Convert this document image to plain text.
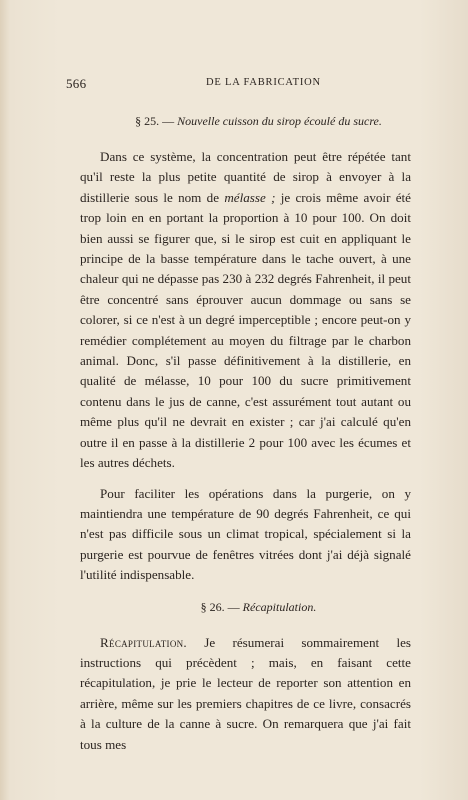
566	DE LA FABRICATION
§ 25. — Nouvelle cuisson du sirop écoulé du sucre.

Dans ce système, la concentration peut être répétée tant qu'il reste la plus petite quantité de sirop à envoyer à la distillerie sous le nom de mélasse ; je crois même avoir été trop loin en en portant la proportion à 10 pour 100. On doit bien aussi se figurer que, si le sirop est cuit en appliquant le principe de la basse température dans le tache ouvert, à une chaleur qui ne dépasse pas 230 à 232 degrés Fahrenheit, il peut être concentré sans éprouver aucun dommage ou sans se colorer, si ce n'est à un degré imperceptible ; encore peut-on y remédier complétement au moyen du filtrage par le charbon animal. Donc, s'il passe définitivement à la distillerie, en qualité de mélasse, 10 pour 100 du sucre primitivement contenu dans le jus de canne, c'est assurément tout autant ou même plus qu'il ne devrait en exister ; car j'ai calculé qu'en outre il en passe à la distillerie 2 pour 100 avec les écumes et les autres déchets.

Pour faciliter les opérations dans la purgerie, on y maintiendra une température de 90 degrés Fahrenheit, ce qui n'est pas difficile sous un climat tropical, spécialement si la purgerie est pourvue de fenêtres vitrées dont j'ai déjà signalé l'utilité indispensable.

§ 26. — Récapitulation.

Récapitulation. Je résumerai sommairement les instructions qui précèdent ; mais, en faisant cette récapitulation, je prie le lecteur de reporter son attention en arrière, même sur les premiers chapitres de ce livre, consacrés à la culture de la canne à sucre. On remarquera que j'ai fait tous mes
